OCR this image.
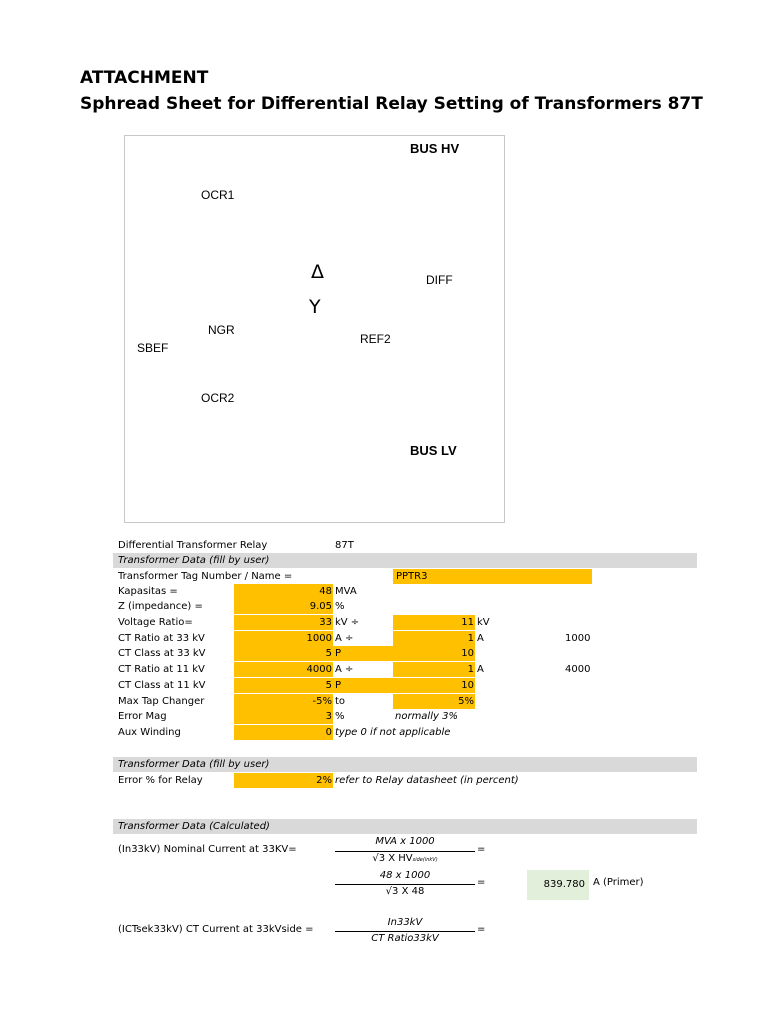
ATTACHMENT
Sphread Sheet for Differential Relay Setting of Transformers 87T
BUS HV
OCR1
Δ	DIFF
Y
NGR
REF2
SBEF
OCR2
BUS LV
Differential Transformer Relay	87T
Transformer Data (fill by user)
Transformer Tag Number / Name =	PPTR3
Kapasitas =	48 MVA
Z (impedance) =	9.05 %
Voltage Ratio=	33 kV ÷	11 kV
CT Ratio at 33 kV	1000 A ÷	1 A	1000
CT Class at 33 kV	5 P	10
CT Ratio at 11 kV	4000 A ÷	1 A	4000
CT Class at 11 kV	5 P	10
Max Tap Changer	-5% to	5%
Error Mag	3 %	normally 3%
Aux Winding	0 type 0 if not applicable
Transformer Data (fill by user)
Error % for Relay	2% refer to Relay datasheet (in percent)
Transformer Data (Calculated)
(In33kV) Nominal Current at 33KV=
MVA x 1000
√3 X HVside(inkV)
=
48 x 1000
√3 X 48
=	839.780 A (Primer)
(ICTsek33kV) CT Current at 33kVside =
In33kV
CT Ratio33kV
=
